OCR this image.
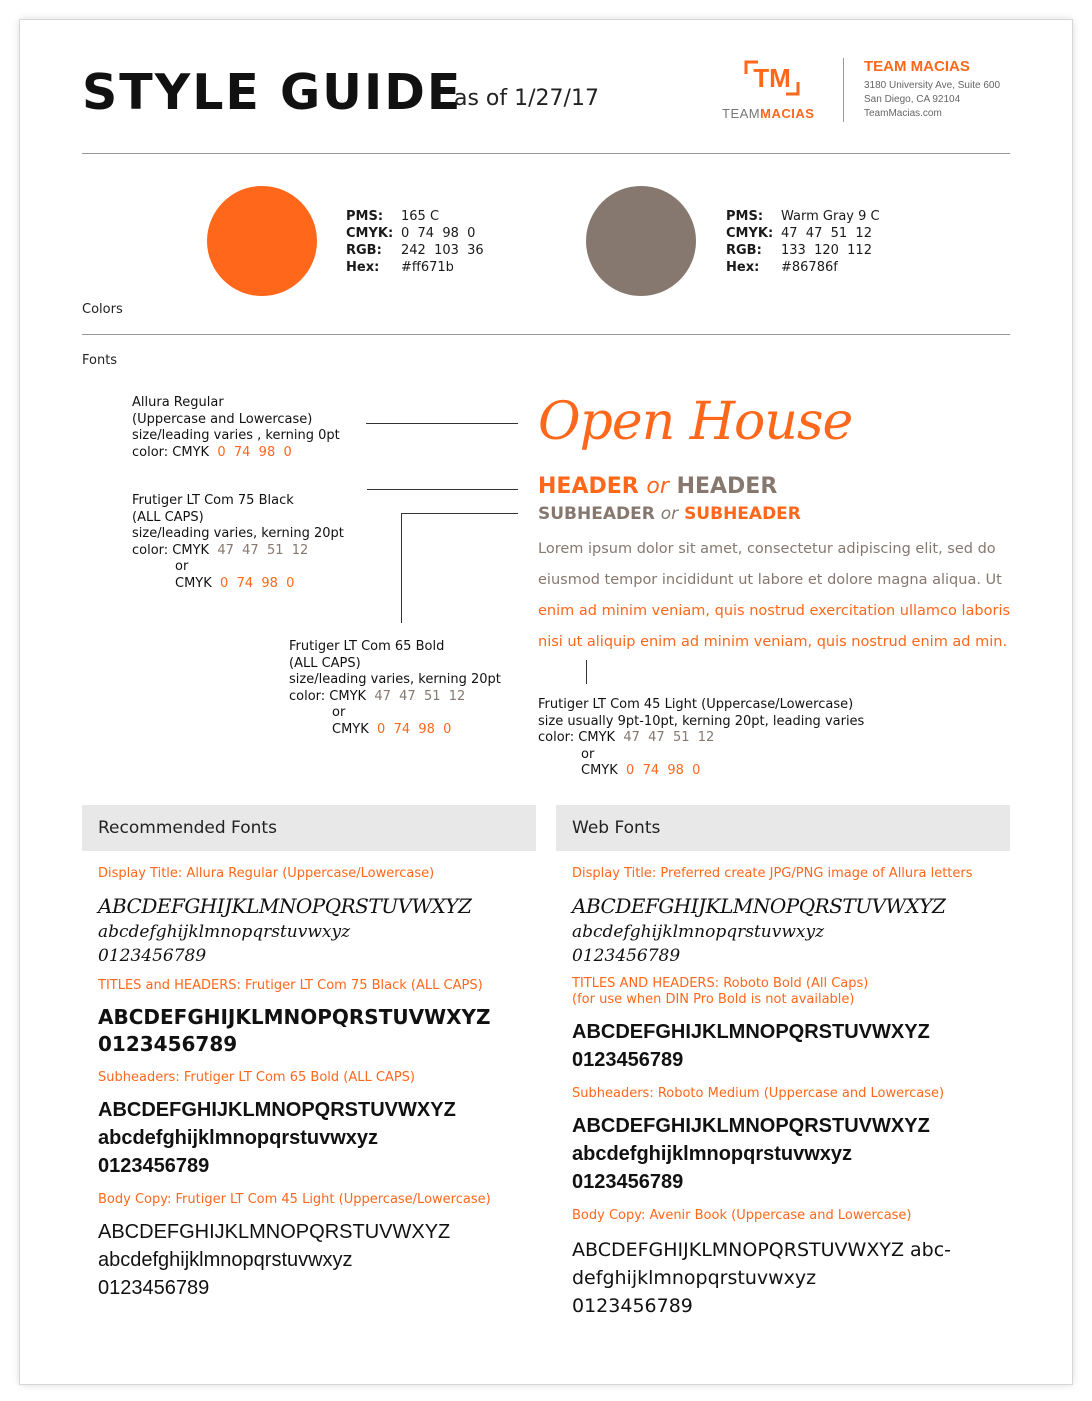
STYLE GUIDE
as of 1/27/17
TM
TEAMMACIAS
TEAM MACIAS
3180 University Ave, Suite 600
San Diego, CA 92104
TeamMacias.com
PMS: 165 C
CMYK: 0  74  98  0
RGB: 242  103  36
Hex: #ff671b
PMS: Warm Gray 9 C
CMYK: 47  47  51  12
RGB: 133  120  112
Hex: #86786f
Colors
Fonts
Allura Regular
(Uppercase and Lowercase)
size/leading varies , kerning 0pt
color: CMYK 0  74  98  0
Frutiger LT Com 75 Black
(ALL CAPS)
size/leading varies, kerning 20pt
color: CMYK 47  47  51  12
or
CMYK 0  74  98  0
Frutiger LT Com 65 Bold
(ALL CAPS)
size/leading varies, kerning 20pt
color: CMYK 47  47  51  12
or
CMYK 0  74  98  0
Frutiger LT Com 45 Light (Uppercase/Lowercase)
size usually 9pt-10pt, kerning 20pt, leading varies
color: CMYK 47  47  51  12
or
CMYK 0  74  98  0
Open House
HEADER or HEADER
SUBHEADER or SUBHEADER
Lorem ipsum dolor sit amet, consectetur adipiscing elit, sed do eiusmod tempor incididunt ut labore et dolore magna aliqua. Ut enim ad minim veniam, quis nostrud exercitation ullamco laboris nisi ut aliquip enim ad minim veniam, quis nostrud enim ad min.
Recommended Fonts
Display Title: Allura Regular (Uppercase/Lowercase)
ABCDEFGHIJKLMNOPQRSTUVWXYZ
abcdefghijklmnopqrstuvwxyz
0123456789
TITLES and HEADERS: Frutiger LT Com 75 Black (ALL CAPS)
ABCDEFGHIJKLMNOPQRSTUVWXYZ
0123456789
Subheaders: Frutiger LT Com 65 Bold (ALL CAPS)
ABCDEFGHIJKLMNOPQRSTUVWXYZ
abcdefghijklmnopqrstuvwxyz
0123456789
Body Copy: Frutiger LT Com 45 Light (Uppercase/Lowercase)
ABCDEFGHIJKLMNOPQRSTUVWXYZ
abcdefghijklmnopqrstuvwxyz
0123456789
Web Fonts
Display Title: Preferred create JPG/PNG image of Allura letters
ABCDEFGHIJKLMNOPQRSTUVWXYZ
abcdefghijklmnopqrstuvwxyz
0123456789
TITLES AND HEADERS: Roboto Bold (All Caps)
(for use when DIN Pro Bold is not available)
ABCDEFGHIJKLMNOPQRSTUVWXYZ
0123456789
Subheaders: Roboto Medium (Uppercase and Lowercase)
ABCDEFGHIJKLMNOPQRSTUVWXYZ
abcdefghijklmnopqrstuvwxyz
0123456789
Body Copy: Avenir Book (Uppercase and Lowercase)
ABCDEFGHIJKLMNOPQRSTUVWXYZ abc-
defghijklmnopqrstuvwxyz
0123456789
